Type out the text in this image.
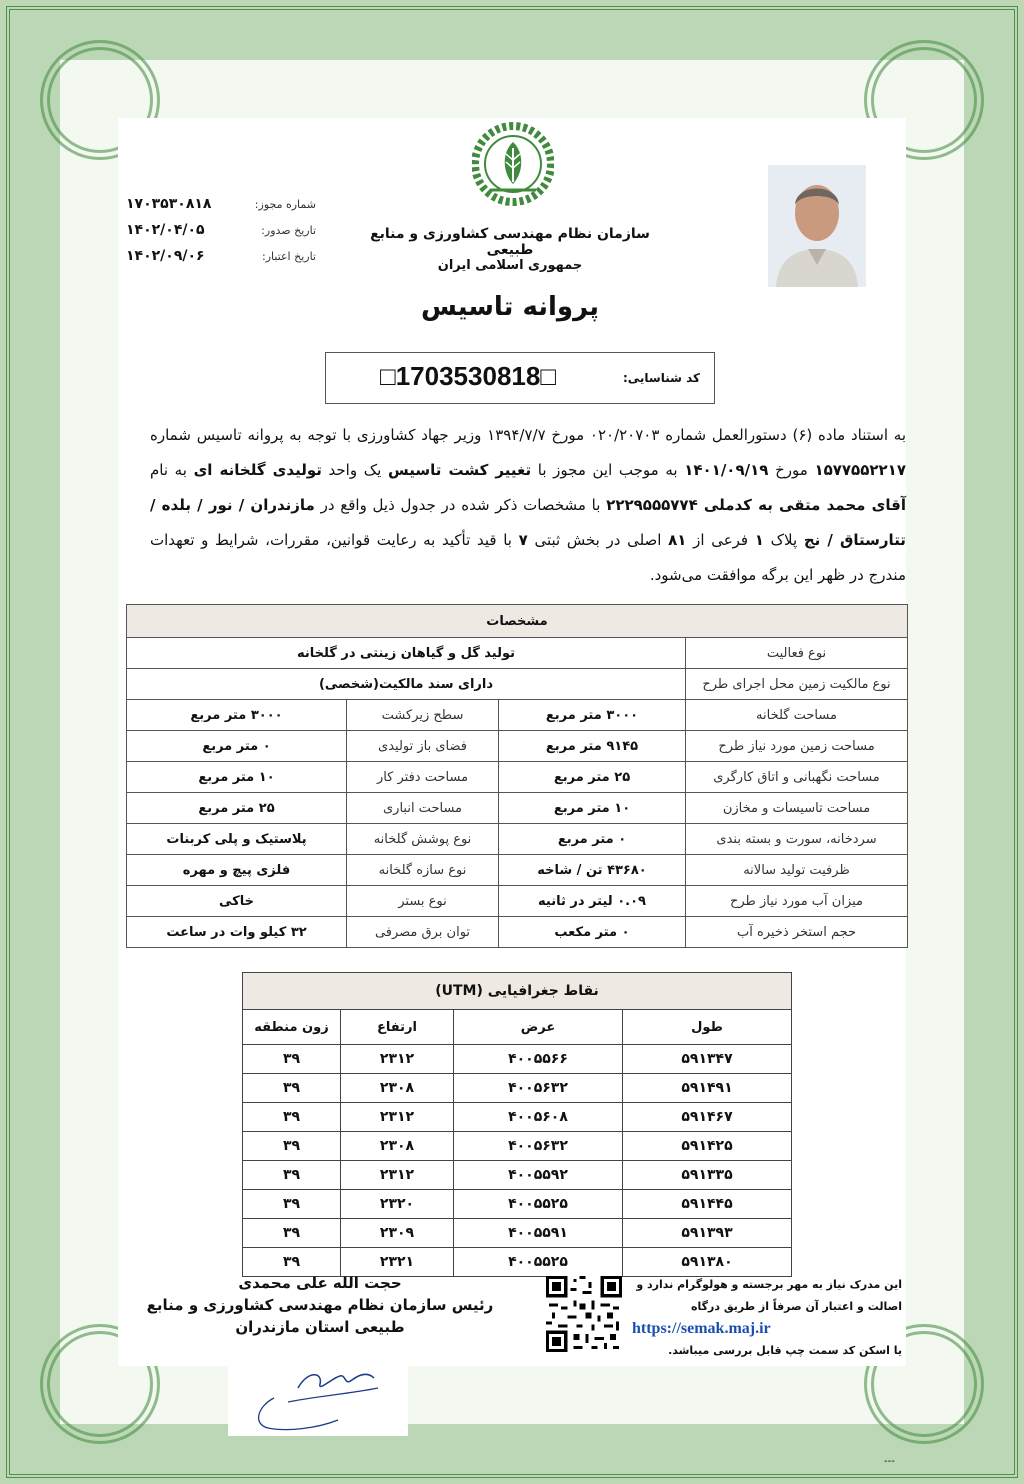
سازمان نظام مهندسی کشاورزی و منابع طبیعی
جمهوری اسلامی ایران
پروانه تاسیس
شماره مجوز:
۱۷۰۳۵۳۰۸۱۸
تاریخ صدور:
۱۴۰۲/۰۴/۰۵
تاریخ اعتبار:
۱۴۰۲/۰۹/۰۶
کد شناسایی:
□1703530818□
به استناد ماده (۶) دستورالعمل شماره ۰۲۰/۲۰۷۰۳ مورخ ۱۳۹۴/۷/۷ وزیر جهاد کشاورزی با توجه به پروانه تاسیس شماره ۱۵۷۷۵۵۲۲۱۷ مورخ ۱۴۰۱/۰۹/۱۹ به موجب این مجوز با تغییر کشت تاسیس یک واحد تولیدی گلخانه ای به نام آقای محمد متقی به کدملی ۲۲۲۹۵۵۵۷۷۴ با مشخصات ذکر شده در جدول ذیل واقع در مازندران / نور / بلده / تتارستاق / نج پلاک ۱ فرعی از ۸۱ اصلی در بخش ثبتی ۷ با قید تأکید به رعایت قوانین، مقررات، شرایط و تعهدات مندرج در ظهر این برگه موافقت می‌شود.
مشخصات			
نوع فعالیت	تولید گل و گیاهان زینتی در گلخانه		
نوع مالکیت زمین محل اجرای طرح	دارای سند مالکیت(شخصی)		
مساحت گلخانه	۳۰۰۰ متر مربع	سطح زیرکشت	۳۰۰۰ متر مربع
مساحت زمین مورد نیاز طرح	۹۱۴۵ متر مربع	فضای باز تولیدی	۰ متر مربع
مساحت نگهبانی و اتاق کارگری	۲۵ متر مربع	مساحت دفتر کار	۱۰ متر مربع
مساحت تاسیسات و مخازن	۱۰ متر مربع	مساحت انباری	۲۵ متر مربع
سردخانه، سورت و بسته بندی	۰ متر مربع	نوع پوشش گلخانه	پلاستیک و پلی کربنات
ظرفیت تولید سالانه	۴۳۶۸۰ تن / شاخه	نوع سازه گلخانه	فلزی پیچ و مهره
میزان آب مورد نیاز طرح	۰.۰۹ لیتر در ثانیه	نوع بستر	خاکی
حجم استخر ذخیره آب	۰ متر مکعب	توان برق مصرفی	۳۲ کیلو وات در ساعت
نقاط جغرافیایی (UTM)			
طول	عرض	ارتفاع	زون منطقه
۵۹۱۳۴۷	۴۰۰۵۵۶۶	۲۳۱۲	۳۹
۵۹۱۴۹۱	۴۰۰۵۶۳۲	۲۳۰۸	۳۹
۵۹۱۴۶۷	۴۰۰۵۶۰۸	۲۳۱۲	۳۹
۵۹۱۴۲۵	۴۰۰۵۶۳۲	۲۳۰۸	۳۹
۵۹۱۳۳۵	۴۰۰۵۵۹۲	۲۳۱۲	۳۹
۵۹۱۴۴۵	۴۰۰۵۵۲۵	۲۳۲۰	۳۹
۵۹۱۳۹۳	۴۰۰۵۵۹۱	۲۳۰۹	۳۹
۵۹۱۳۸۰	۴۰۰۵۵۲۵	۲۳۲۱	۳۹
حجت الله علی محمدی
رئیس سازمان نظام مهندسی کشاورزی و منابع طبیعی استان مازندران
این مدرک نیاز به مهر برجسته و هولوگرام ندارد و
اصالت و اعتبار آن صرفاً از طریق درگاه
https://semak.maj.ir
یا اسکن کد سمت چپ قابل بررسی میباشد.
---
